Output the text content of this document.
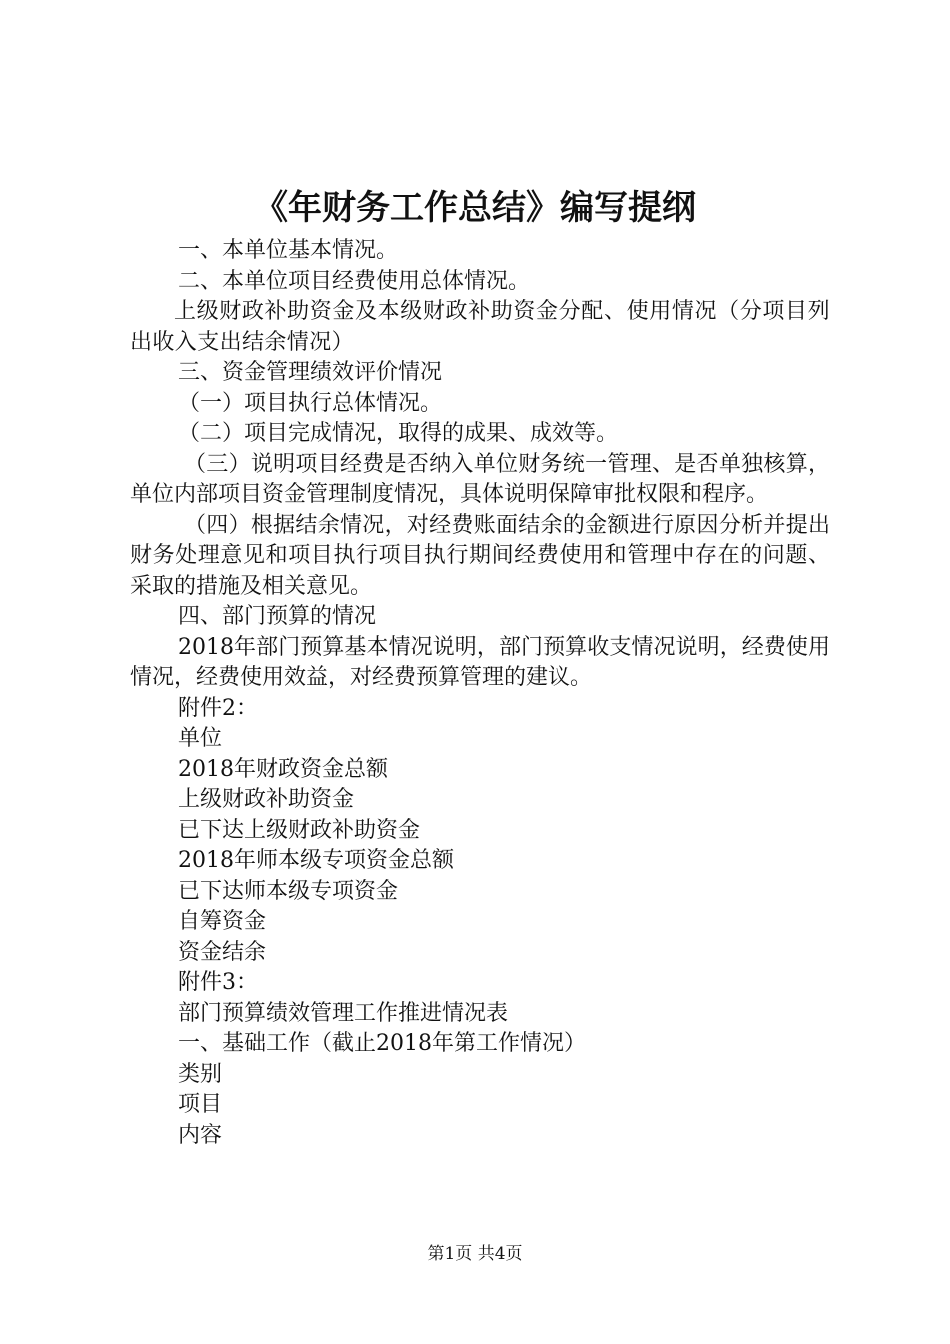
《年财务工作总结》编写提纲

一、本单位基本情况。

二、本单位项目经费使用总体情况。

上级财政补助资金及本级财政补助资金分配、使用情况（分项目列出收入支出结余情况）

三、资金管理绩效评价情况

（一）项目执行总体情况。

（二）项目完成情况，取得的成果、成效等。

（三）说明项目经费是否纳入单位财务统一管理、是否单独核算，单位内部项目资金管理制度情况，具体说明保障审批权限和程序。

（四）根据结余情况，对经费账面结余的金额进行原因分析并提出财务处理意见和项目执行项目执行期间经费使用和管理中存在的问题、采取的措施及相关意见。

四、部门预算的情况

2018年部门预算基本情况说明，部门预算收支情况说明，经费使用情况，经费使用效益，对经费预算管理的建议。

附件2：

单位

2018年财政资金总额

上级财政补助资金

已下达上级财政补助资金

2018年师本级专项资金总额

已下达师本级专项资金

自筹资金

资金结余

附件3：

部门预算绩效管理工作推进情况表

一、基础工作（截止2018年第工作情况）

类别

项目

内容

第1页 共4页
